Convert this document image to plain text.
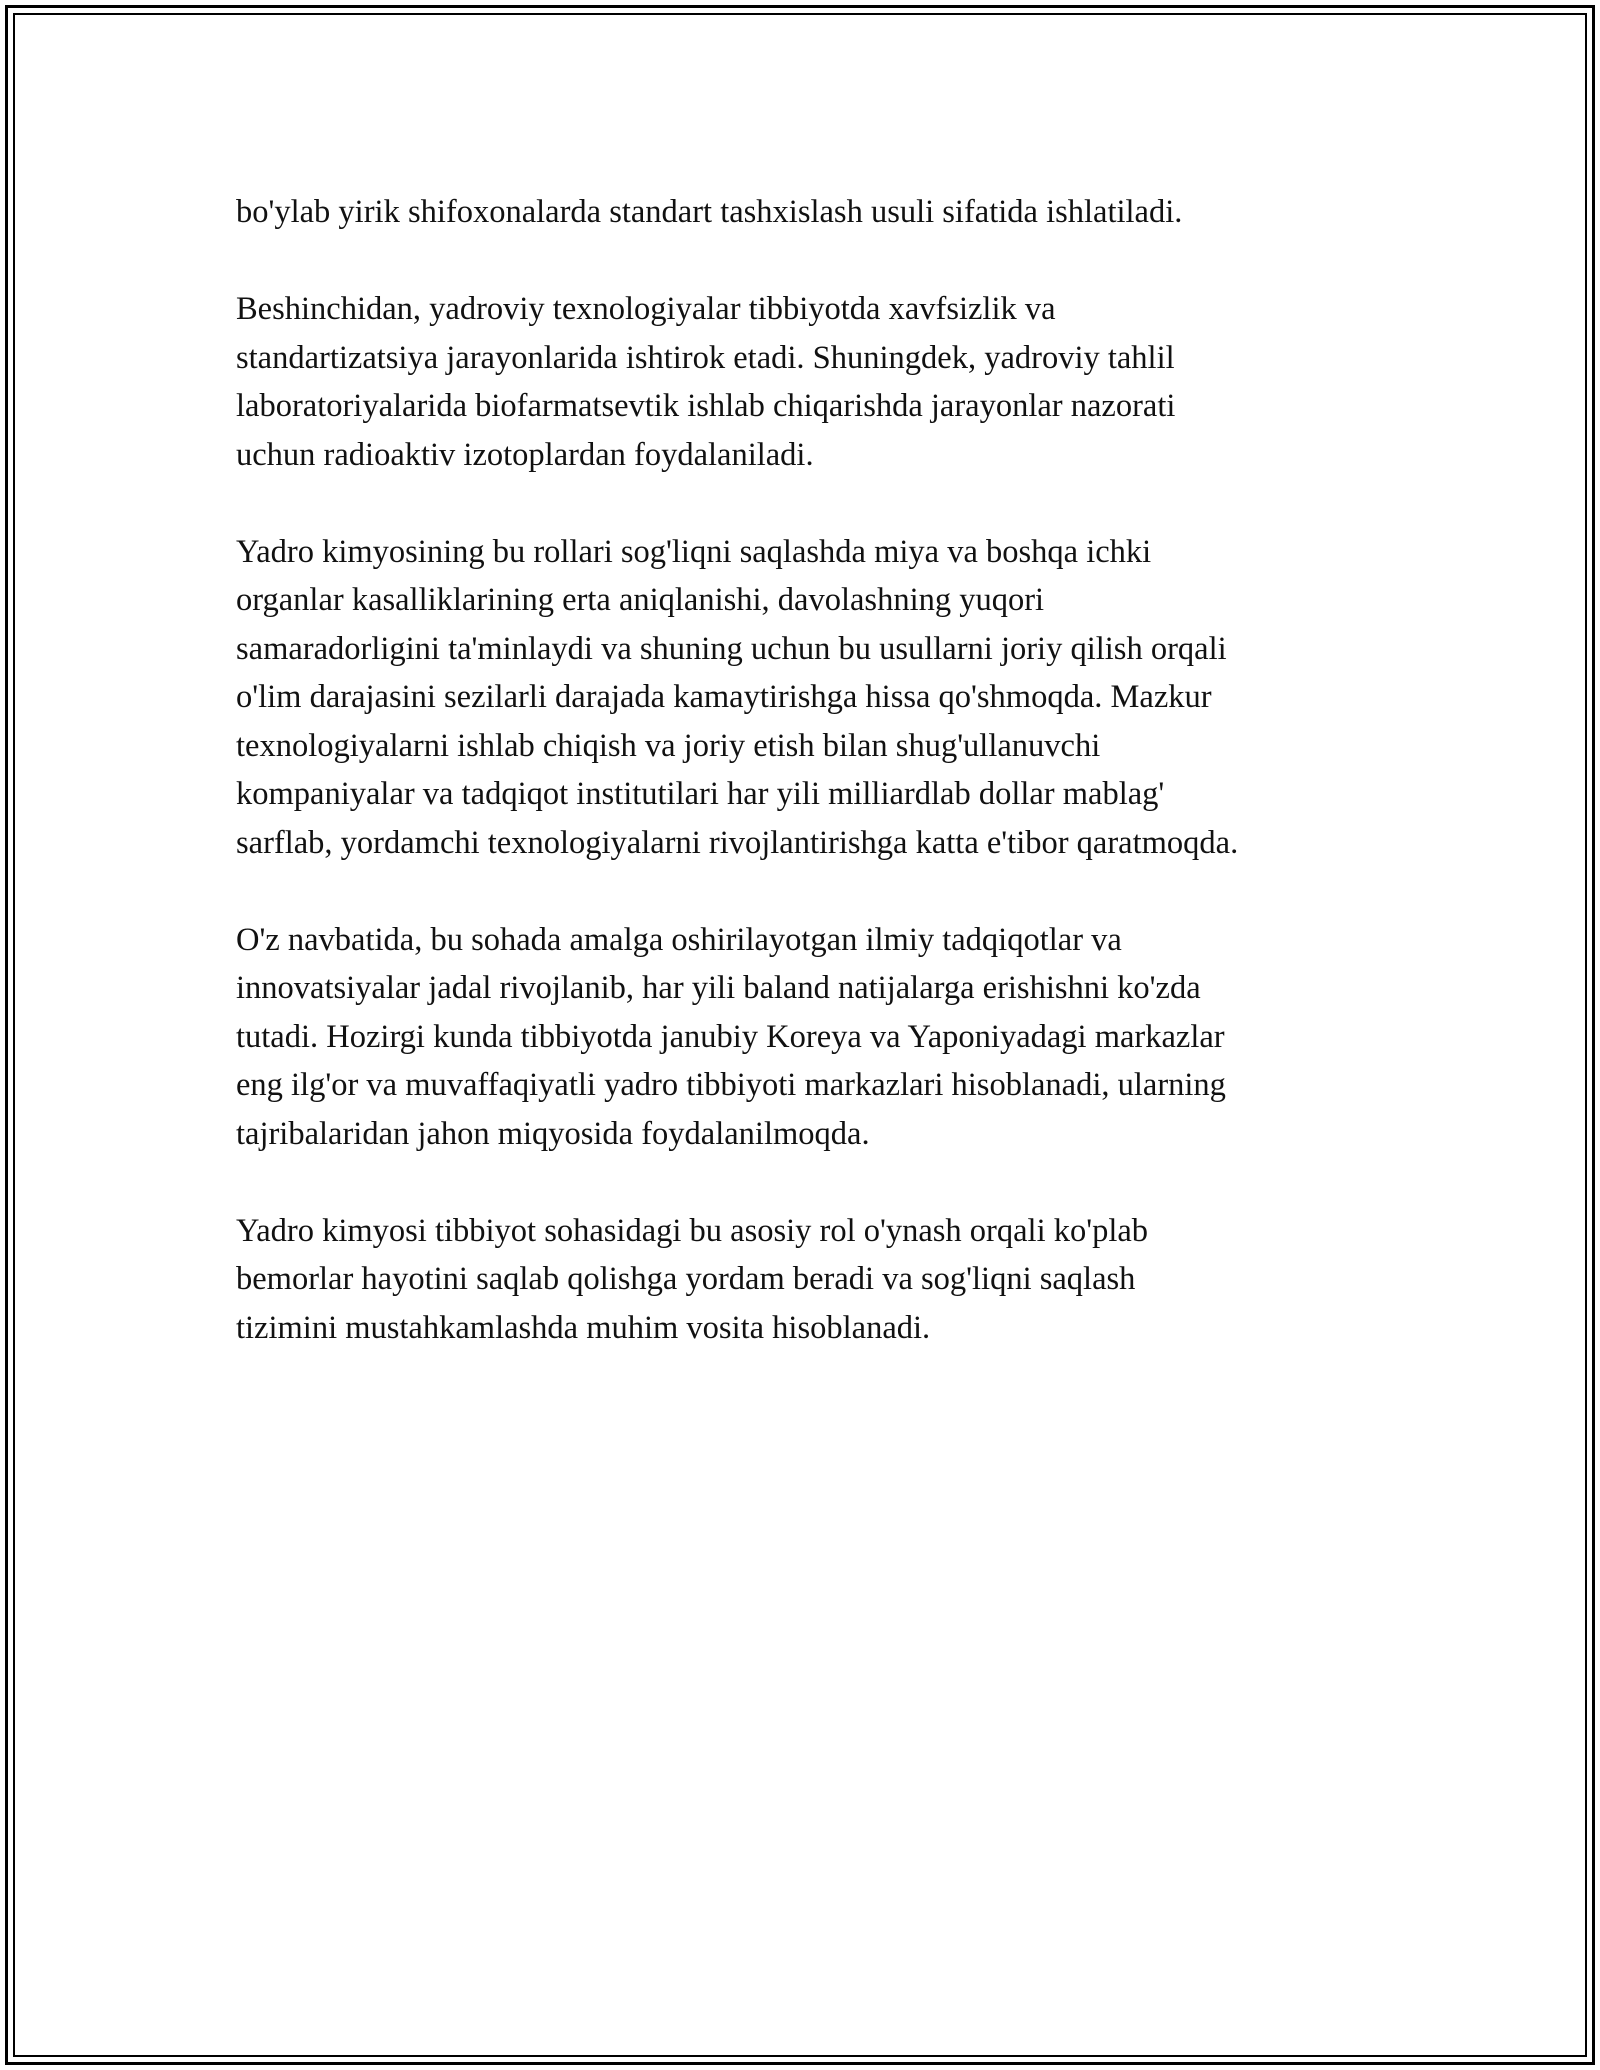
bo'ylab yirik shifoxonalarda standart tashxislash usuli sifatida ishlatiladi.

Beshinchidan, yadroviy texnologiyalar tibbiyotda xavfsizlik va
standartizatsiya jarayonlarida ishtirok etadi. Shuningdek, yadroviy tahlil
laboratoriyalarida biofarmatsevtik ishlab chiqarishda jarayonlar nazorati
uchun radioaktiv izotoplardan foydalaniladi.

Yadro kimyosining bu rollari sog'liqni saqlashda miya va boshqa ichki
organlar kasalliklarining erta aniqlanishi, davolashning yuqori
samaradorligini ta'minlaydi va shuning uchun bu usullarni joriy qilish orqali
o'lim darajasini sezilarli darajada kamaytirishga hissa qo'shmoqda. Mazkur
texnologiyalarni ishlab chiqish va joriy etish bilan shug'ullanuvchi
kompaniyalar va tadqiqot institutilari har yili milliardlab dollar mablag'
sarflab, yordamchi texnologiyalarni rivojlantirishga katta e'tibor qaratmoqda.

O'z navbatida, bu sohada amalga oshirilayotgan ilmiy tadqiqotlar va
innovatsiyalar jadal rivojlanib, har yili baland natijalarga erishishni ko'zda
tutadi. Hozirgi kunda tibbiyotda janubiy Koreya va Yaponiyadagi markazlar
eng ilg'or va muvaffaqiyatli yadro tibbiyoti markazlari hisoblanadi, ularning
tajribalaridan jahon miqyosida foydalanilmoqda.

Yadro kimyosi tibbiyot sohasidagi bu asosiy rol o'ynash orqali ko'plab
bemorlar hayotini saqlab qolishga yordam beradi va sog'liqni saqlash
tizimini mustahkamlashda muhim vosita hisoblanadi.
